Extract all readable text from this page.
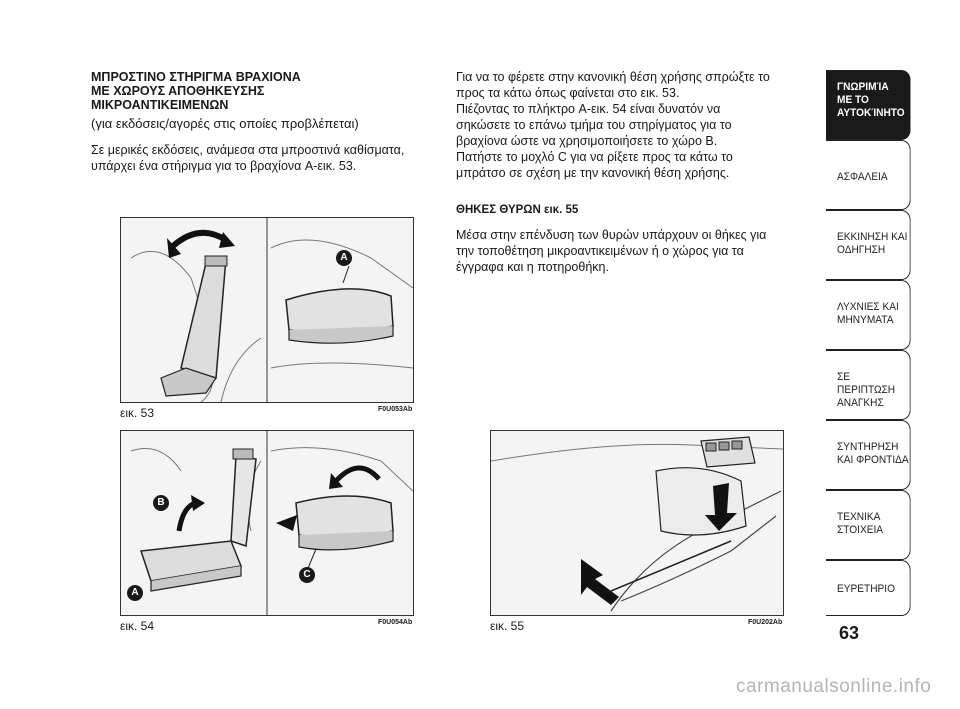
ΜΠΡΟΣΤΙΝΟ ΣΤΗΡΙΓΜΑ ΒΡΑΧΙΟΝΑ
ΜΕ ΧΩΡΟΥΣ ΑΠΟΘΗΚΕΥΣΗΣ
ΜΙΚΡΟΑΝΤΙΚΕΙΜΕΝΩΝ
(για εκδόσεις/αγορές στις οποίες προβλέπεται)
Σε μερικές εκδόσεις, ανάμεσα στα μπροστινά καθίσματα,
υπάρχει ένα στήριγμα για το βραχίονα A-εικ. 53.
Για να το φέρετε στην κανονική θέση χρήσης σπρώξτε το
προς τα κάτω όπως φαίνεται στο εικ. 53.
Πιέζοντας το πλήκτρο A-εικ. 54 είναι δυνατόν να
σηκώσετε το επάνω τμήμα του στηρίγματος για το
βραχίονα ώστε να χρησιμοποιήσετε το χώρο B.
Πατήστε το μοχλό C για να ρίξετε προς τα κάτω το
μπράτσο σε σχέση με την κανονική θέση χρήσης.
ΘΗΚΕΣ ΘΥΡΩΝ εικ. 55
Μέσα στην επένδυση των θυρών υπάρχουν οι θήκες για
την τοποθέτηση μικροαντικειμένων ή ο χώρος για τα
έγγραφα και η ποτηροθήκη.
A
εικ. 53	F0U053Ab
B
A
C
εικ. 54	F0U054Ab	εικ. 55	F0U202Ab
ΓΝΩΡΙΜΊΑ
ΜΕ ΤΟ
ΑΥΤΟΚΊΝΗΤΟ
ΑΣΦΑΛΕΙΑ
ΕΚΚΙΝΗΣΗ ΚΑΙ
ΟΔΗΓΗΣΗ
ΛΥΧΝΙΕΣ ΚΑΙ
ΜΗΝΥΜΑΤΑ
ΣΕ ΠΕΡΙΠΤΩΣΗ
ΑΝΑΓΚΗΣ
ΣΥΝΤΗΡΗΣΗ
ΚΑΙ ΦΡΟΝΤΙΔΑ
ΤΕΧΝΙΚΑ
ΣΤΟΙΧΕΙΑ
ΕΥΡΕΤΗΡΙΟ
63
carmanualsonline.info
